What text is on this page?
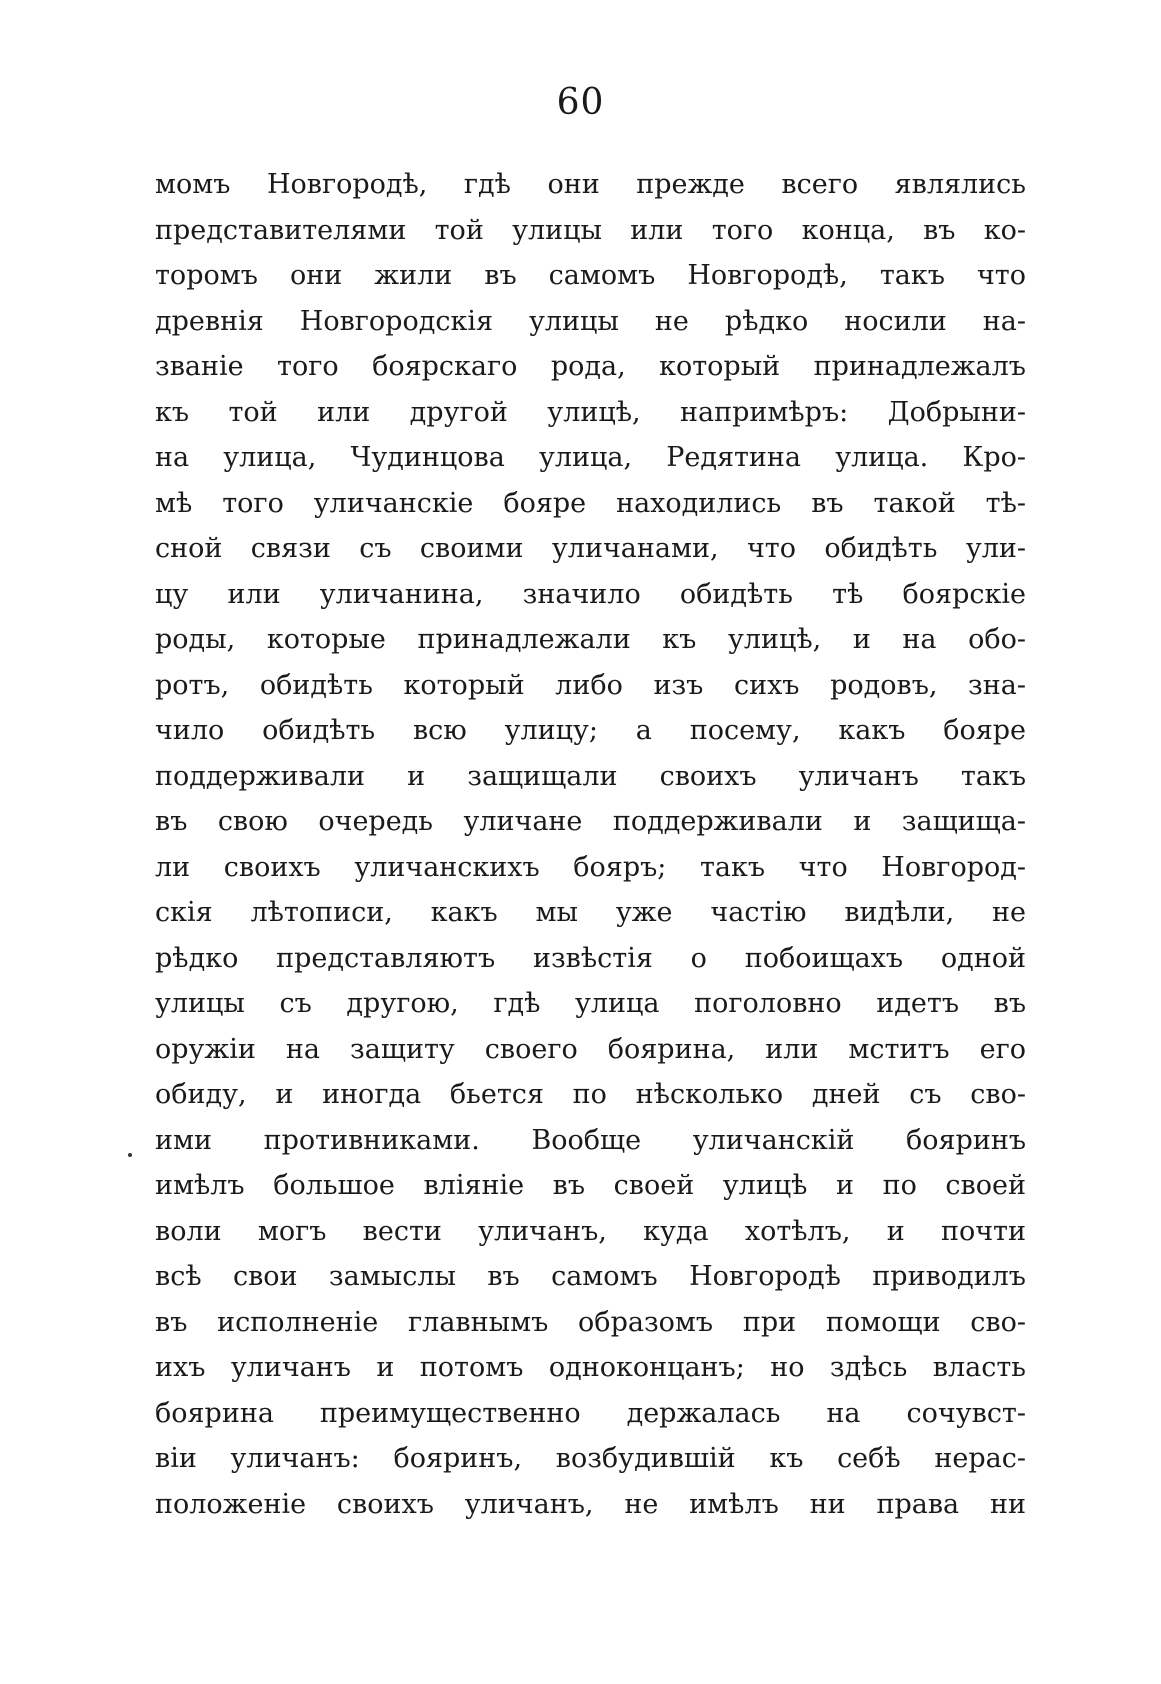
60
момъ Новгородѣ, гдѣ они прежде всего являлись
представителями той улицы или того конца, въ ко-
торомъ они жили въ самомъ Новгородѣ, такъ что
древнія Новгородскія улицы не рѣдко носили на-
званіе того боярскаго рода, который принадлежалъ
къ той или другой улицѣ, напримѣръ: Добрыни-
на улица, Чудинцова улица, Редятина улица. Кро-
мѣ того уличанскіе бояре находились въ такой тѣ-
сной связи съ своими уличанами, что обидѣть ули-
цу или уличанина, значило обидѣть тѣ боярскіе
роды, которые принадлежали къ улицѣ, и на обо-
ротъ, обидѣть который либо изъ сихъ родовъ, зна-
чило обидѣть всю улицу; а посему, какъ бояре
поддерживали и защищали своихъ уличанъ такъ
въ свою очередь уличане поддерживали и защища-
ли своихъ уличанскихъ бояръ; такъ что Новгород-
скія лѣтописи, какъ мы уже частію видѣли, не
рѣдко представляютъ извѣстія о побоищахъ одной
улицы съ другою, гдѣ улица поголовно идетъ въ
оружіи на защиту своего боярина, или мститъ его
обиду, и иногда бьется по нѣсколько дней съ сво-
ими противниками. Вообще уличанскій бояринъ
имѣлъ большое вліяніе въ своей улицѣ и по своей
воли могъ вести уличанъ, куда хотѣлъ, и почти
всѣ свои замыслы въ самомъ Новгородѣ приводилъ
въ исполненіе главнымъ образомъ при помощи сво-
ихъ уличанъ и потомъ одноконцанъ; но здѣсь власть
боярина преимущественно держалась на сочувст-
віи уличанъ: бояринъ, возбудившій къ себѣ нерас-
положеніе своихъ уличанъ, не имѣлъ ни права ни
